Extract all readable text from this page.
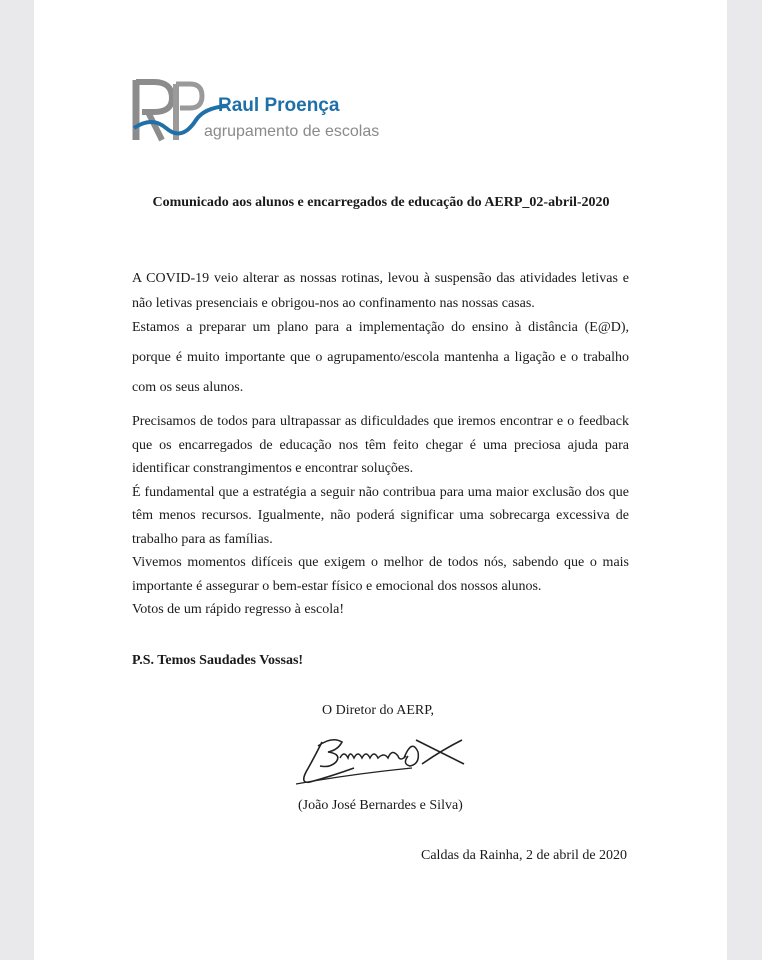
Raul Proença
agrupamento de escolas
Comunicado aos alunos e encarregados de educação do AERP_02-abril-2020
A COVID-19 veio alterar as nossas rotinas, levou à suspensão das atividades letivas e não letivas presenciais e obrigou-nos ao confinamento nas nossas casas.
Estamos a preparar um plano para a implementação do ensino à distância (E@D), porque é muito importante que o agrupamento/escola mantenha a ligação e o trabalho com os seus alunos.
Precisamos de todos para ultrapassar as dificuldades que iremos encontrar e o feedback que os encarregados de educação nos têm feito chegar é uma preciosa ajuda para identificar constrangimentos e encontrar soluções.
É fundamental que a estratégia a seguir não contribua para uma maior exclusão dos que têm menos recursos. Igualmente, não poderá significar uma sobrecarga excessiva de trabalho para as famílias.
Vivemos momentos difíceis que exigem o melhor de todos nós, sabendo que o mais importante é assegurar o bem-estar físico e emocional dos nossos alunos.
Votos de um rápido regresso à escola!
P.S. Temos Saudades Vossas!
O Diretor do AERP,
(João José Bernardes e Silva)
Caldas da Rainha, 2 de abril de 2020
